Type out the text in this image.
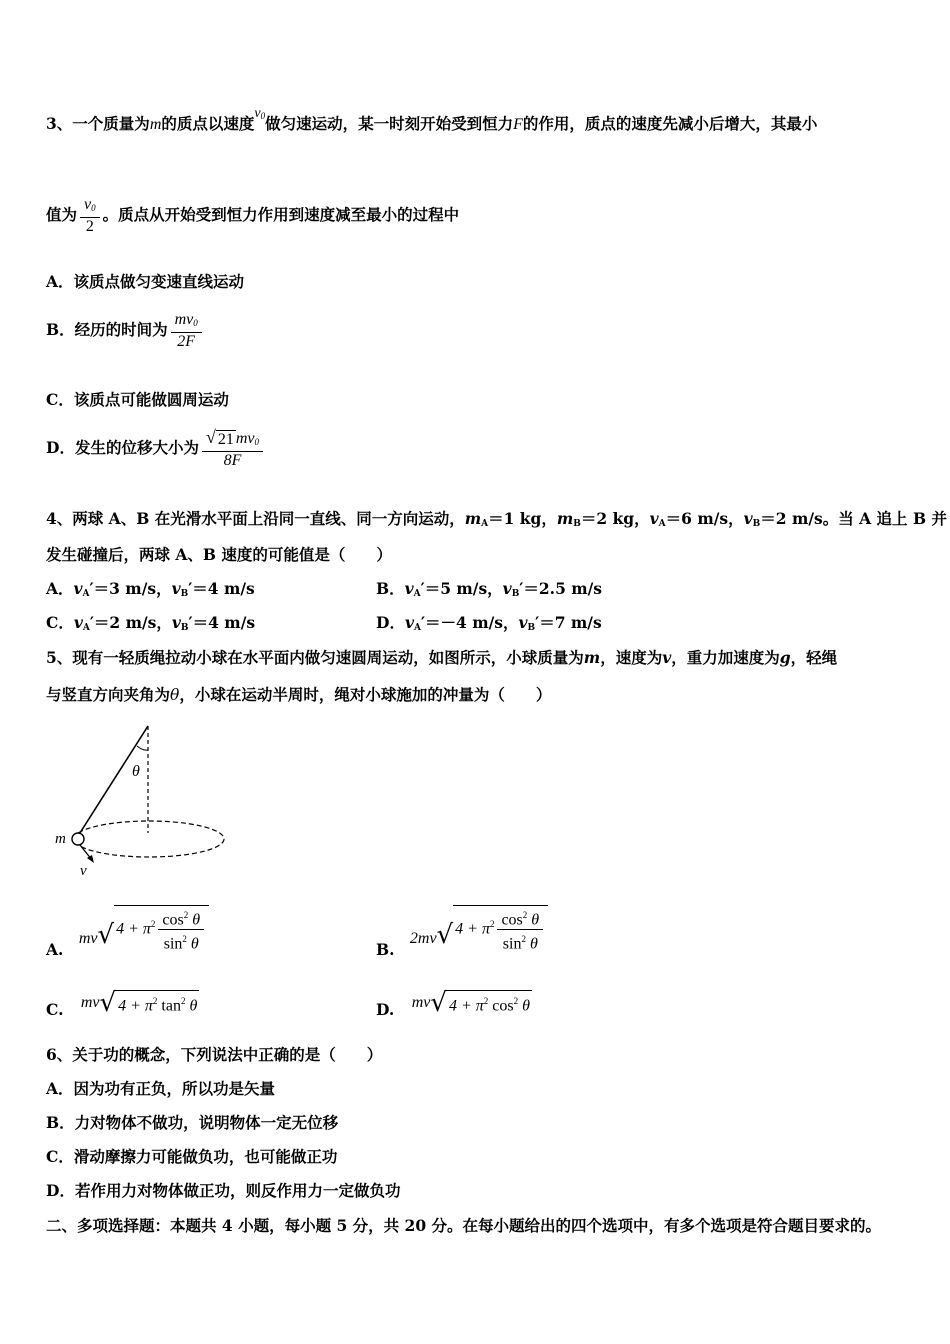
3、一个质量为m的质点以速度$v_0$做匀速运动，某一时刻开始受到恒力F的作用，质点的速度先减小后增大，其最小
值为 $\frac{v_0}{2}$ 。质点从开始受到恒力作用到速度减至最小的过程中
A．该质点做匀变速直线运动
B．经历的时间为 $\frac{mv_0}{2F}$
C．该质点可能做圆周运动
D．发生的位移大小为 $\frac{√ 21 mv_0}{8F}$
4、两球 A、B 在光滑水平面上沿同一直线、同一方向运动，$m_A=1$ kg，$m_B=2$ kg，$v_A=6$ m/s，$v_B=2$ m/s。当 A 追上 B 并
发生碰撞后，两球 A、B 速度的可能值是（　　）
A．$v_A'=3$ m/s，$v_B'=4$ m/s	B．$v_A'=5$ m/s，$v_B'=2.5$ m/s
C．$v_A'=2$ m/s，$v_B'=4$ m/s	D．$v_A'=-4$ m/s，$v_B'=7$ m/s
5、现有一轻质绳拉动小球在水平面内做匀速圆周运动，如图所示，小球质量为m，速度为v，重力加速度为g，轻绳
与竖直方向夹角为θ，小球在运动半周时，绳对小球施加的冲量为（　　）
θ
m
v
A. mv√ $4 + \pi^2 \frac{\cos^2 \theta}{\sin^2 \theta}$	B. 2mv√ $4 + \pi^2 \frac{\cos^2 \theta}{\sin^2 \theta}$
C. mv√ $4 + \pi^2$ $\tan^2 \theta$	D. mv√ $4 + \pi^2$ $\cos^2 \theta$
6、关于功的概念，下列说法中正确的是（　　）
A．因为功有正负，所以功是矢量
B．力对物体不做功，说明物体一定无位移
C．滑动摩擦力可能做负功，也可能做正功
D．若作用力对物体做正功，则反作用力一定做负功
二、多项选择题：本题共 4 小题，每小题 5 分，共 20 分。在每小题给出的四个选项中，有多个选项是符合题目要求的。
